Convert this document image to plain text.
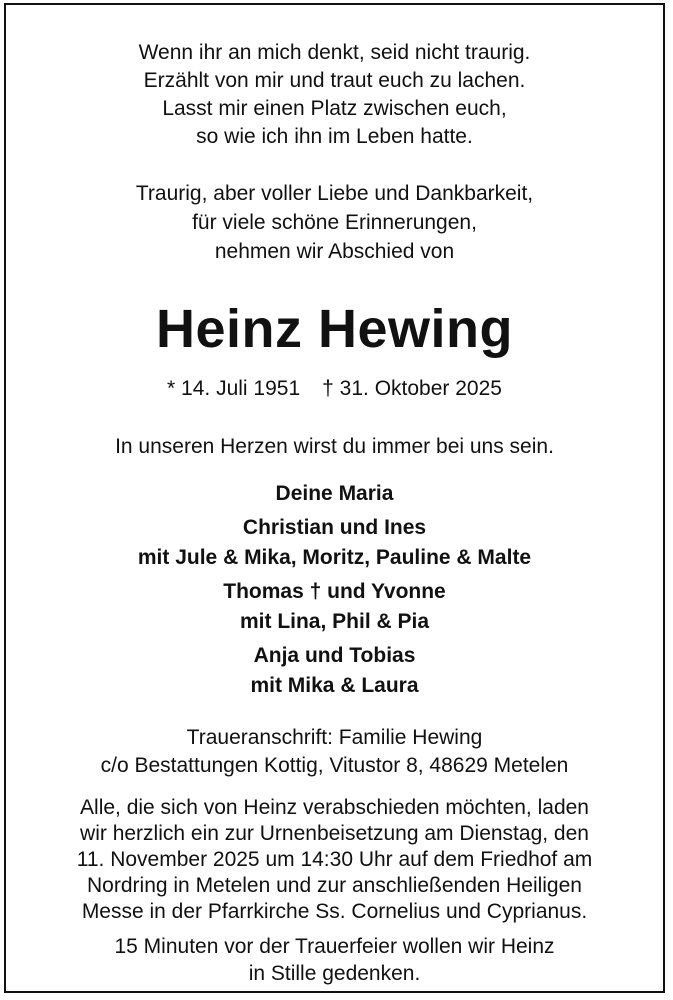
Wenn ihr an mich denkt, seid nicht traurig.
Erzählt von mir und traut euch zu lachen.
Lasst mir einen Platz zwischen euch,
so wie ich ihn im Leben hatte.
Traurig, aber voller Liebe und Dankbarkeit,
für viele schöne Erinnerungen,
nehmen wir Abschied von
Heinz Hewing
* 14. Juli 1951 † 31. Oktober 2025
In unseren Herzen wirst du immer bei uns sein.
Deine Maria
Christian und Ines
mit Jule & Mika, Moritz, Pauline & Malte
Thomas † und Yvonne
mit Lina, Phil & Pia
Anja und Tobias
mit Mika & Laura
Traueranschrift: Familie Hewing
c/o Bestattungen Kottig, Vitustor 8, 48629 Metelen
Alle, die sich von Heinz verabschieden möchten, laden
wir herzlich ein zur Urnenbeisetzung am Dienstag, den
11. November 2025 um 14:30 Uhr auf dem Friedhof am
Nordring in Metelen und zur anschließenden Heiligen
Messe in der Pfarrkirche Ss. Cornelius und Cyprianus.
15 Minuten vor der Trauerfeier wollen wir Heinz
in Stille gedenken.
